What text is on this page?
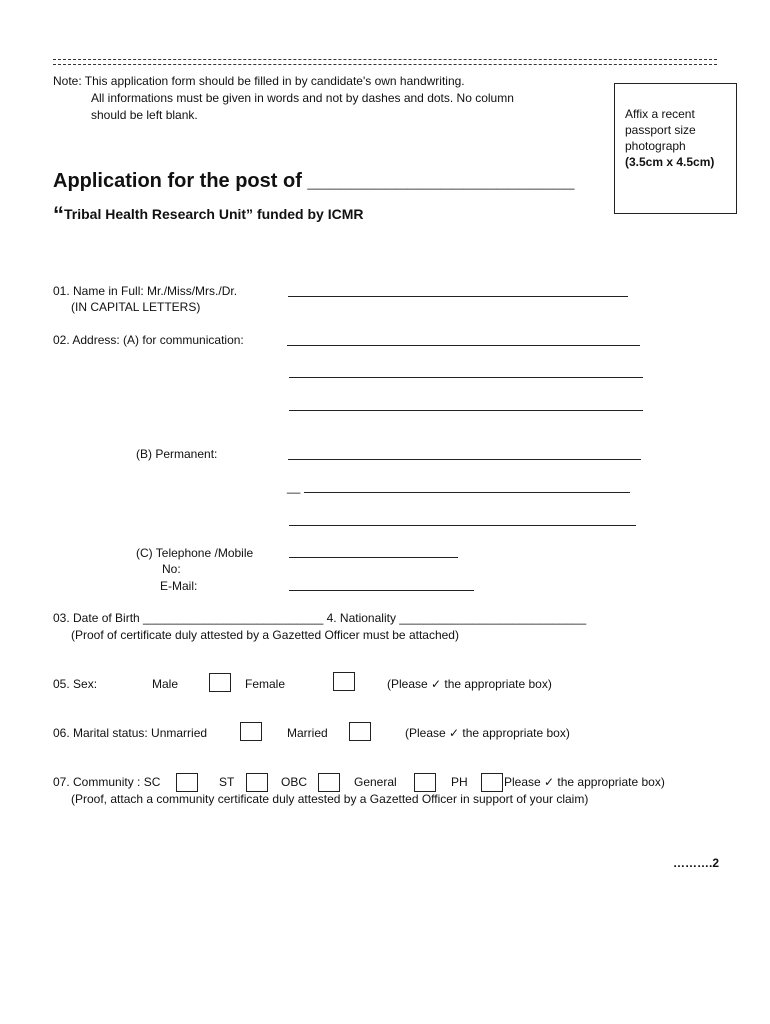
Note: This application form should be filled in by candidate's own handwriting.
All informations must be given in words and not by dashes and dots. No column
should be left blank.	Affix a recent
passport size
photograph
(3.5cm x 4.5cm)
Application for the post of ________________________
“Tribal Health Research Unit” funded by ICMR
01. Name in Full: Mr./Miss/Mrs./Dr.
(IN CAPITAL LETTERS)
02. Address: (A) for communication:
(B) Permanent:
__
(C) Telephone /Mobile
No:
E-Mail:
03. Date of Birth ___________________________ 4. Nationality ____________________________
(Proof of certificate duly attested by a Gazetted Officer must be attached)
05. Sex:	Male	Female	(Please ✓ the appropriate box)
06. Marital status: Unmarried	Married	(Please ✓ the appropriate box)
07. Community : SC	ST	OBC	General	PH	Please ✓ the appropriate box)
(Proof, attach a community certificate duly attested by a Gazetted Officer in support of your claim)
……….2
